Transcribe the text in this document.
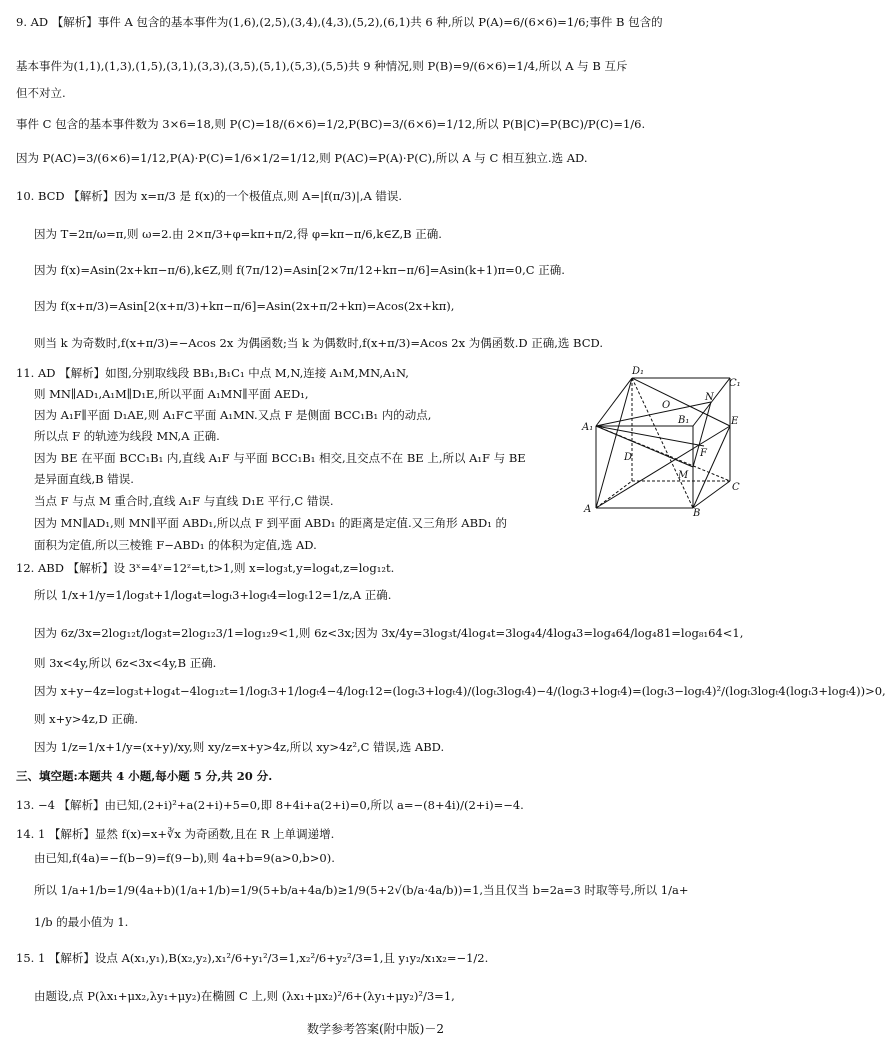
9. AD 【解析】事件 A 包含的基本事件为(1,6),(2,5),(3,4),(4,3),(5,2),(6,1)共 6 种,所以 P(A)=6/(6×6)=1/6;事件 B 包含的
基本事件为(1,1),(1,3),(1,5),(3,1),(3,3),(3,5),(5,1),(5,3),(5,5)共 9 种情况,则 P(B)=9/(6×6)=1/4,所以 A 与 B 互斥
但不对立.
事件 C 包含的基本事件数为 3×6=18,则 P(C)=18/(6×6)=1/2,P(BC)=3/(6×6)=1/12,所以 P(B|C)=P(BC)/P(C)=1/6.
因为 P(AC)=3/(6×6)=1/12,P(A)·P(C)=1/6×1/2=1/12,则 P(AC)=P(A)·P(C),所以 A 与 C 相互独立.选 AD.
10. BCD 【解析】因为 x=π/3 是 f(x)的一个极值点,则 A=|f(π/3)|,A 错误.
因为 T=2π/ω=π,则 ω=2.由 2×π/3+φ=kπ+π/2,得 φ=kπ−π/6,k∈Z,B 正确.
因为 f(x)=Asin(2x+kπ−π/6),k∈Z,则 f(7π/12)=Asin[2×7π/12+kπ−π/6]=Asin(k+1)π=0,C 正确.
因为 f(x+π/3)=Asin[2(x+π/3)+kπ−π/6]=Asin(2x+π/2+kπ)=Acos(2x+kπ),
则当 k 为奇数时,f(x+π/3)=−Acos 2x 为偶函数;当 k 为偶数时,f(x+π/3)=Acos 2x 为偶函数.D 正确,选 BCD.
11. AD 【解析】如图,分别取线段 BB₁,B₁C₁ 中点 M,N,连接 A₁M,MN,A₁N,
则 MN∥AD₁,A₁M∥D₁E,所以平面 A₁MN∥平面 AED₁,
因为 A₁F∥平面 D₁AE,则 A₁F⊂平面 A₁MN.又点 F 是侧面 BCC₁B₁ 内的动点,
所以点 F 的轨迹为线段 MN,A 正确.
因为 BE 在平面 BCC₁B₁ 内,直线 A₁F 与平面 BCC₁B₁ 相交,且交点不在 BE 上,所以 A₁F 与 BE
是异面直线,B 错误.
当点 F 与点 M 重合时,直线 A₁F 与直线 D₁E 平行,C 错误.
因为 MN∥AD₁,则 MN∥平面 ABD₁,所以点 F 到平面 ABD₁ 的距离是定值.又三角形 ABD₁ 的
面积为定值,所以三棱锥 F−ABD₁ 的体积为定值,选 AD.
12. ABD 【解析】设 3ˣ=4ʸ=12ᶻ=t,t>1,则 x=log₃t,y=log₄t,z=log₁₂t.
所以 1/x+1/y=1/log₃t+1/log₄t=logₜ3+logₜ4=logₜ12=1/z,A 正确.
因为 6z/3x=2log₁₂t/log₃t=2log₁₂3/1=log₁₂9<1,则 6z<3x;因为 3x/4y=3log₃t/4log₄t=3log₄4/4log₄3=log₄64/log₄81=log₈₁64<1,
则 3x<4y,所以 6z<3x<4y,B 正确.
因为 x+y−4z=log₃t+log₄t−4log₁₂t=1/logₜ3+1/logₜ4−4/logₜ12=(logₜ3+logₜ4)/(logₜ3logₜ4)−4/(logₜ3+logₜ4)=(logₜ3−logₜ4)²/(logₜ3logₜ4(logₜ3+logₜ4))>0,
则 x+y>4z,D 正确.
因为 1/z=1/x+1/y=(x+y)/xy,则 xy/z=x+y>4z,所以 xy>4z²,C 错误,选 ABD.
三、填空题:本题共 4 小题,每小题 5 分,共 20 分.
13. −4 【解析】由已知,(2+i)²+a(2+i)+5=0,即 8+4i+a(2+i)=0,所以 a=−(8+4i)/(2+i)=−4.
14. 1 【解析】显然 f(x)=x+∛x 为奇函数,且在 R 上单调递增.
由已知,f(4a)=−f(b−9)=f(9−b),则 4a+b=9(a>0,b>0).
所以 1/a+1/b=1/9(4a+b)(1/a+1/b)=1/9(5+b/a+4a/b)≥1/9(5+2√(b/a·4a/b))=1,当且仅当 b=2a=3 时取等号,所以 1/a+
1/b 的最小值为 1.
15. 1 【解析】设点 A(x₁,y₁),B(x₂,y₂),x₁²/6+y₁²/3=1,x₂²/6+y₂²/3=1,且 y₁y₂/x₁x₂=−1/2.
由题设,点 P(λx₁+μx₂,λy₁+μy₂)在椭圆 C 上,则 (λx₁+μx₂)²/6+(λy₁+μy₂)²/3=1,
D₁
C₁
A₁
B₁
D
C
A	B
O
N
E
F
M
数学参考答案(附中版)－2
